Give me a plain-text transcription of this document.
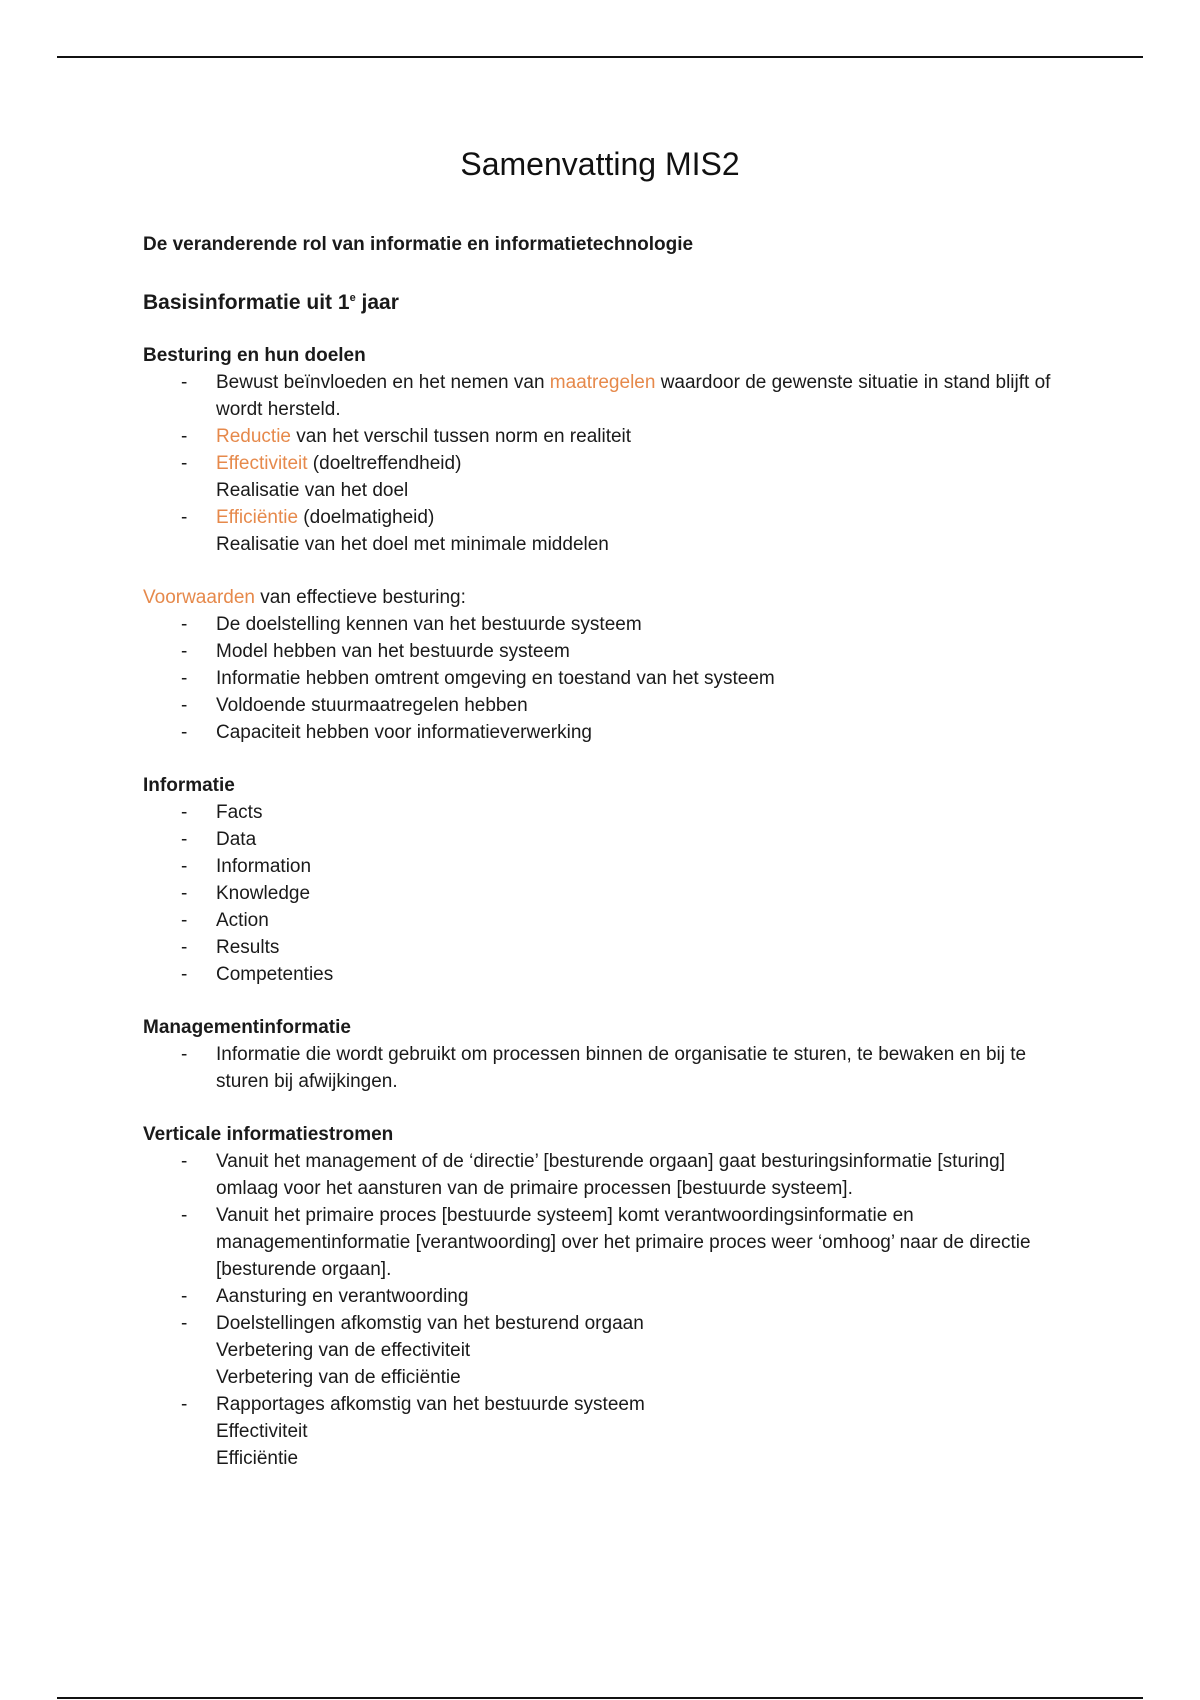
Samenvatting MIS2

De veranderende rol van informatie en informatietechnologie

Basisinformatie uit 1e jaar

Besturing en hun doelen

- Bewust beïnvloeden en het nemen van maatregelen waardoor de gewenste situatie in stand blijft of wordt hersteld.
- Reductie van het verschil tussen norm en realiteit
- Effectiviteit (doeltreffendheid)
Realisatie van het doel
- Efficiëntie (doelmatigheid)
Realisatie van het doel met minimale middelen

Voorwaarden van effectieve besturing:

- De doelstelling kennen van het bestuurde systeem
- Model hebben van het bestuurde systeem
- Informatie hebben omtrent omgeving en toestand van het systeem
- Voldoende stuurmaatregelen hebben
- Capaciteit hebben voor informatieverwerking

Informatie

- Facts
- Data
- Information
- Knowledge
- Action
- Results
- Competenties

Managementinformatie

- Informatie die wordt gebruikt om processen binnen de organisatie te sturen, te bewaken en bij te sturen bij afwijkingen.

Verticale informatiestromen

- Vanuit het management of de ‘directie’ [besturende orgaan] gaat besturingsinformatie [sturing] omlaag voor het aansturen van de primaire processen [bestuurde systeem].
- Vanuit het primaire proces [bestuurde systeem] komt verantwoordingsinformatie en managementinformatie [verantwoording] over het primaire proces weer ‘omhoog’ naar de directie [besturende orgaan].
- Aansturing en verantwoording
- Doelstellingen afkomstig van het besturend orgaan
Verbetering van de effectiviteit
Verbetering van de efficiëntie
- Rapportages afkomstig van het bestuurde systeem
Effectiviteit
Efficiëntie
